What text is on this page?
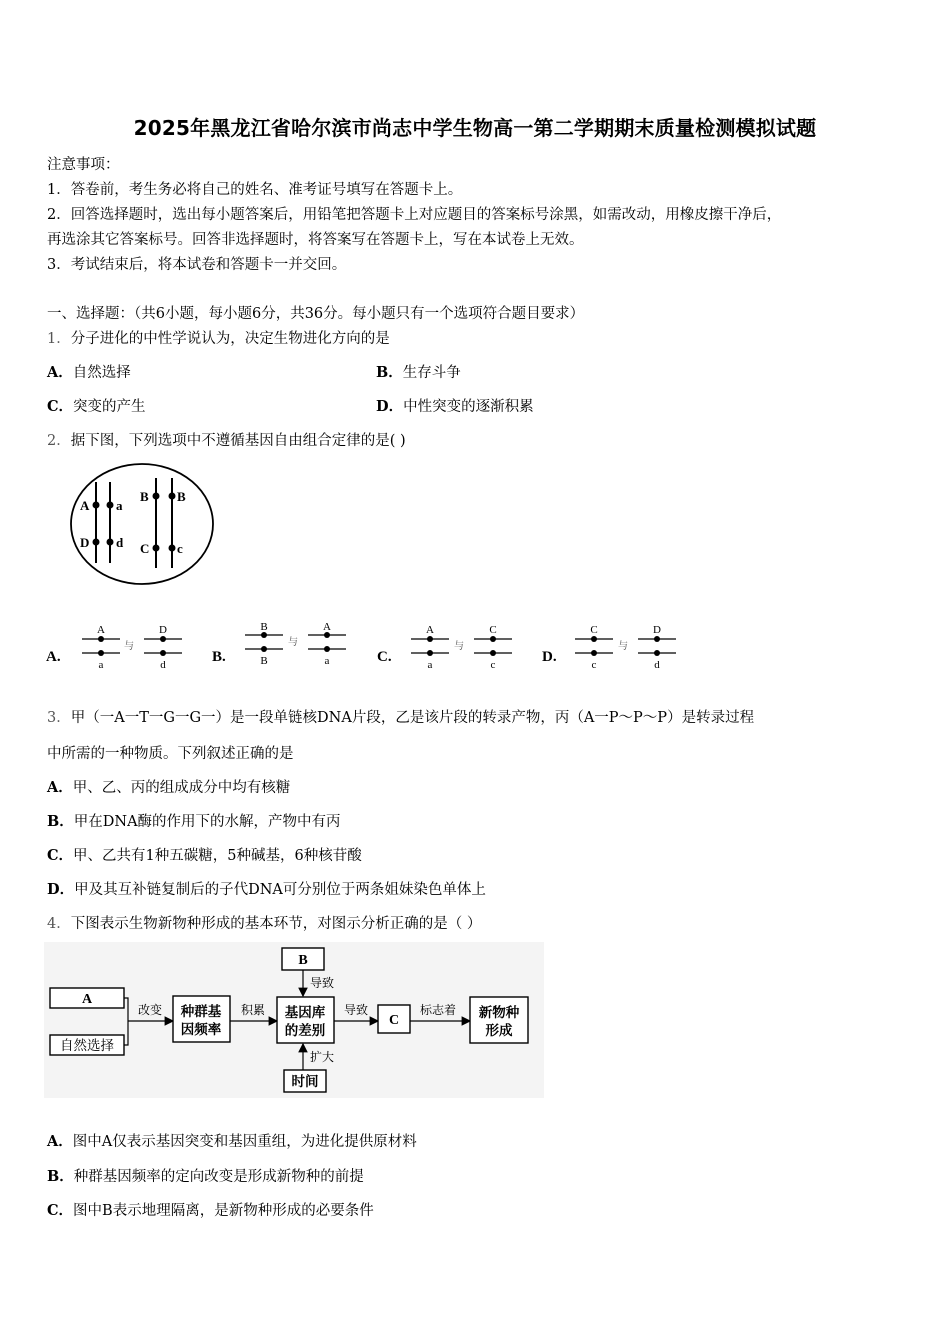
2025年黑龙江省哈尔滨市尚志中学生物高一第二学期期末质量检测模拟试题
注意事项：
1．答卷前，考生务必将自己的姓名、准考证号填写在答题卡上。
2．回答选择题时，选出每小题答案后，用铅笔把答题卡上对应题目的答案标号涂黑，如需改动，用橡皮擦干净后，
再选涂其它答案标号。回答非选择题时，将答案写在答题卡上，写在本试卷上无效。
3．考试结束后，将本试卷和答题卡一并交回。
一、选择题：（共6小题，每小题6分，共36分。每小题只有一个选项符合题目要求）
1．分子进化的中性学说认为，决定生物进化方向的是
A．自然选择	B．生存斗争
C．突变的产生	D．中性突变的逐渐积累
2．据下图，下列选项中不遵循基因自由组合定律的是( )
A a
D d
B B
C c
A.
A
a
与
D
d	B.
B
B
与
A
a	C.
A
a
与
C
c	D.
C
c
与
D
d
3．甲（一A一T一G一G一）是一段单链核DNA片段，乙是该片段的转录产物，丙（A一P～P～P）是转录过程
中所需的一种物质。下列叙述正确的是
A．甲、乙、丙的组成成分中均有核糖
B．甲在DNA酶的作用下的水解，产物中有丙
C．甲、乙共有1种五碳糖，5种碱基，6种核苷酸
D．甲及其互补链复制后的子代DNA可分别位于两条姐妹染色单体上
4．下图表示生物新物种形成的基本环节，对图示分析正确的是（ ）
A
自然选择
改变 种群基
因频率
积累
B
导致
基因库
的差别
导致
C
标志着 新物种
形成
扩大
时间
A．图中A仅表示基因突变和基因重组，为进化提供原材料
B．种群基因频率的定向改变是形成新物种的前提
C．图中B表示地理隔离，是新物种形成的必要条件
